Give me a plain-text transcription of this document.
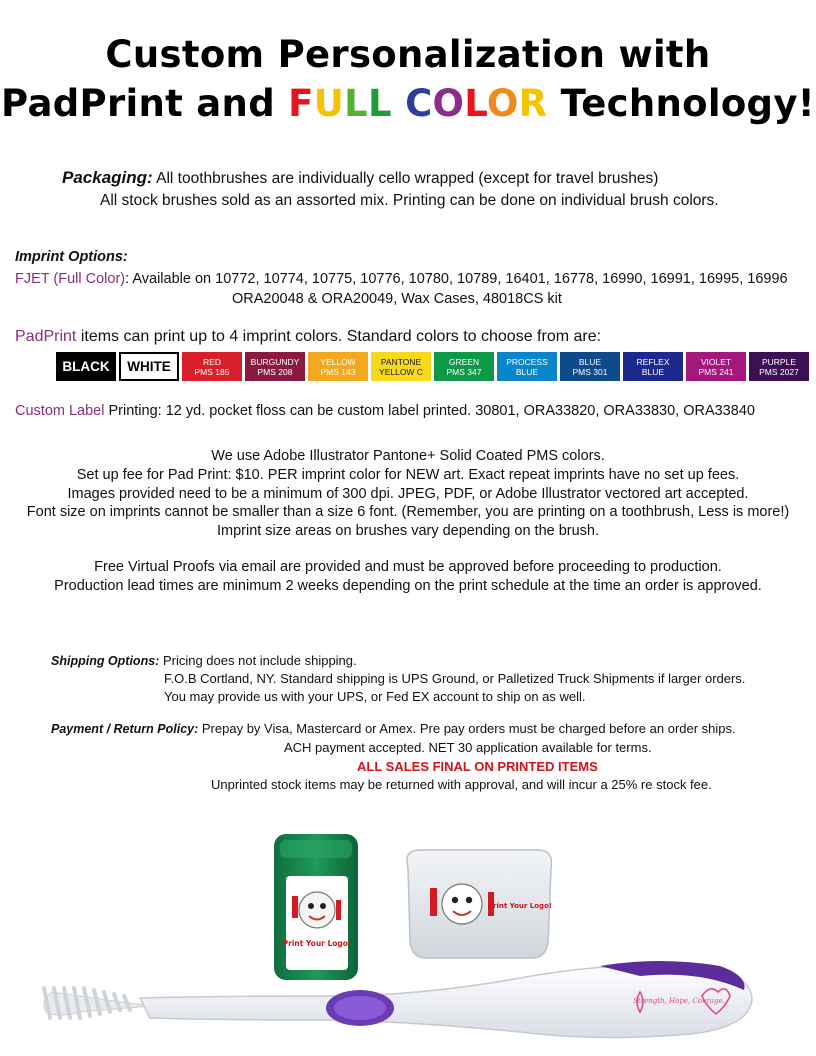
Custom Personalization with
PadPrint and FULL COLOR Technology!
Packaging: All toothbrushes are individually cello wrapped (except for travel brushes)
All stock brushes sold as an assorted mix. Printing can be done on individual brush colors.
Imprint Options:
FJET (Full Color): Available on 10772, 10774, 10775, 10776, 10780, 10789, 16401, 16778, 16990, 16991, 16995, 16996
ORA20048 & ORA20049, Wax Cases, 48018CS kit
PadPrint items can print up to 4 imprint colors. Standard colors to choose from are:
BLACK WHITE	RED
PMS 185
BURGUNDY
PMS 208
YELLOW
PMS 143
PANTONE
YELLOW C
GREEN
PMS 347
PROCESS
BLUE
BLUE
PMS 301
REFLEX
BLUE
VIOLET
PMS 241
PURPLE
PMS 2027
Custom Label Printing: 12 yd. pocket floss can be custom label printed. 30801, ORA33820, ORA33830, ORA33840
We use Adobe Illustrator Pantone+ Solid Coated PMS colors.
Set up fee for Pad Print: $10. PER imprint color for NEW art. Exact repeat imprints have no set up fees.
Images provided need to be a minimum of 300 dpi. JPEG, PDF, or Adobe Illustrator vectored art accepted.
Font size on imprints cannot be smaller than a size 6 font. (Remember, you are printing on a toothbrush, Less is more!)
Imprint size areas on brushes vary depending on the brush.
Free Virtual Proofs via email are provided and must be approved before proceeding to production.
Production lead times are minimum 2 weeks depending on the print schedule at the time an order is approved.
Shipping Options: Pricing does not include shipping.
F.O.B Cortland, NY. Standard shipping is UPS Ground, or Palletized Truck Shipments if larger orders.
You may provide us with your UPS, or Fed EX account to ship on as well.
Payment / Return Policy: Prepay by Visa, Mastercard or Amex. Pre pay orders must be charged before an order ships.
ACH payment accepted. NET 30 application available for terms.
ALL SALES FINAL ON PRINTED ITEMS
Unprinted stock items may be returned with approval, and will incur a 25% re stock fee.
Print Your Logo!
Print Your Logo!
Strength, Hope, Courage.
